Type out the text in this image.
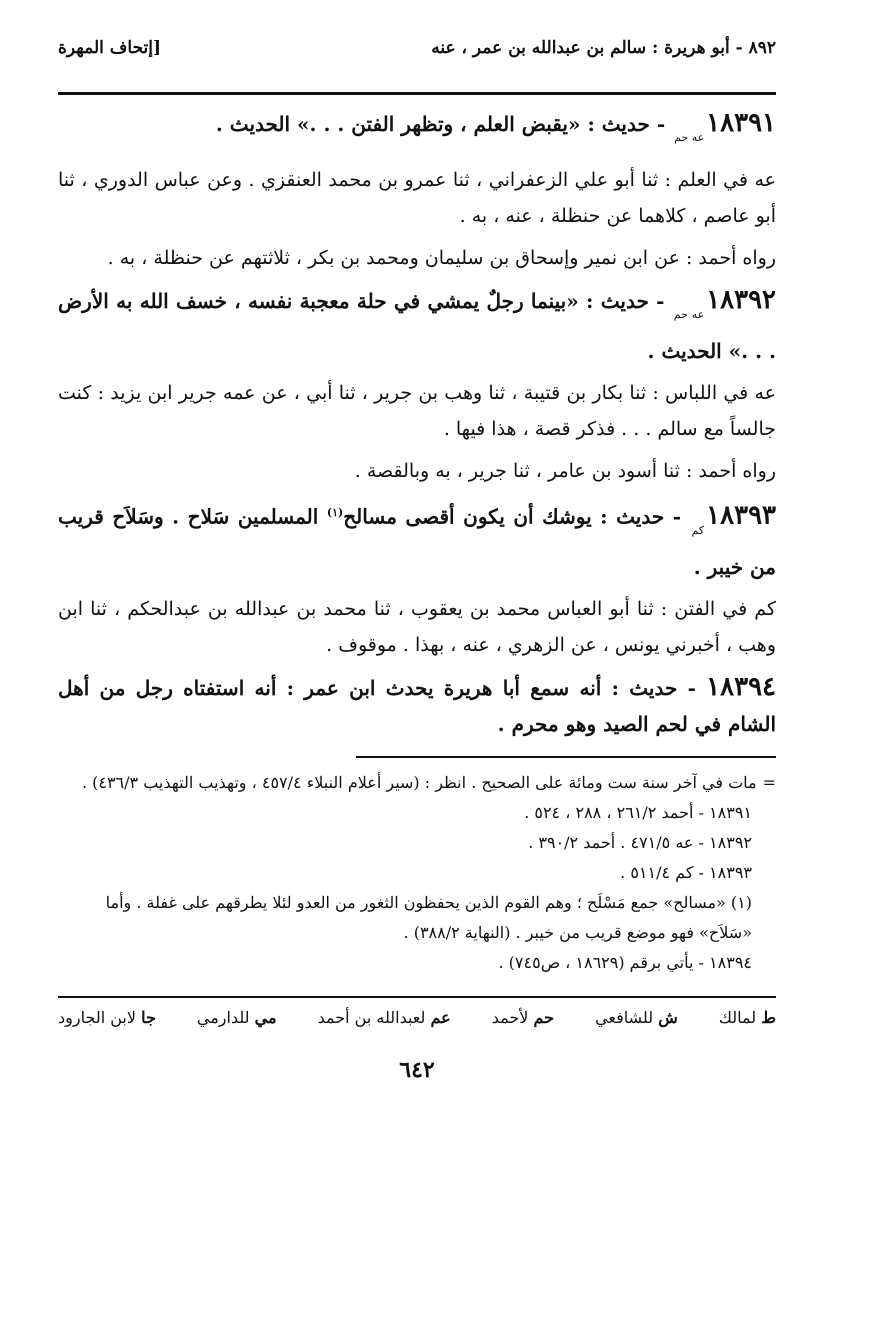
٨٩٢ - أبو هريرة : سالم بن عبدالله بن عمر ، عنه
[إتحاف المهرة

$١٨٣٩١_{عه حم}$ - حديث : «يقبض العلم ، وتظهر الفتن . . .» الحديث .

عه في العلم : ثنا أبو علي الزعفراني ، ثنا عمرو بن محمد العنقزي . وعن عباس الدوري ، ثنا أبو عاصم ، كلاهما عن حنظلة ، عنه ، به .

رواه أحمد : عن ابن نمير وإسحاق بن سليمان ومحمد بن بكر ، ثلاثتهم عن حنظلة ، به .

$١٨٣٩٢_{عه حم}$ - حديث : «بينما رجلٌ يمشي في حلة معجبة نفسه ، خسف الله به الأرض . . .» الحديث .

عه في اللباس : ثنا بكار بن قتيبة ، ثنا وهب بن جرير ، ثنا أبي ، عن عمه جرير ابن يزيد : كنت جالساً مع سالم . . . فذكر قصة ، هذا فيها .

رواه أحمد : ثنا أسود بن عامر ، ثنا جرير ، به وبالقصة .

$١٨٣٩٣_{كم}$ - حديث : يوشك أن يكون أقصى مسالح$^{(١)}$ المسلمين سَلاح . وسَلاَح قريب من خيبر .

كم في الفتن : ثنا أبو العباس محمد بن يعقوب ، ثنا محمد بن عبدالله بن عبدالحكم ، ثنا ابن وهب ، أخبرني يونس ، عن الزهري ، عنه ، بهذا . موقوف .

١٨٣٩٤ - حديث : أنه سمع أبا هريرة يحدث ابن عمر : أنه استفتاه رجل من أهل الشام في لحم الصيد وهو محرم .

=مات في آخر سنة ست ومائة على الصحيح . انظر : (سير أعلام النبلاء ٤٥٧/٤ ، وتهذيب التهذيب ٤٣٦/٣) .

١٨٣٩١ - أحمد ٢٦١/٢ ، ٢٨٨ ، ٥٢٤ .

١٨٣٩٢ - عه ٤٧١/٥ . أحمد ٣٩٠/٢ .

١٨٣٩٣ - كم ٥١١/٤ .

(١) «مسالح» جمع مَسْلَح ؛ وهم القوم الذين يحفظون الثغور من العدو لئلا يطرقهم على غفلة . وأما «سَلاَح» فهو موضع قريب من خيبر . (النهاية ٣٨٨/٢) .

١٨٣٩٤ - يأتي برقم (١٨٦٢٩ ، ص٧٤٥) .

ط لمالك
ش للشافعي
حم لأحمد
عم لعبدالله بن أحمد
مي للدارمي
جا لابن الجارود
٦٤٢
